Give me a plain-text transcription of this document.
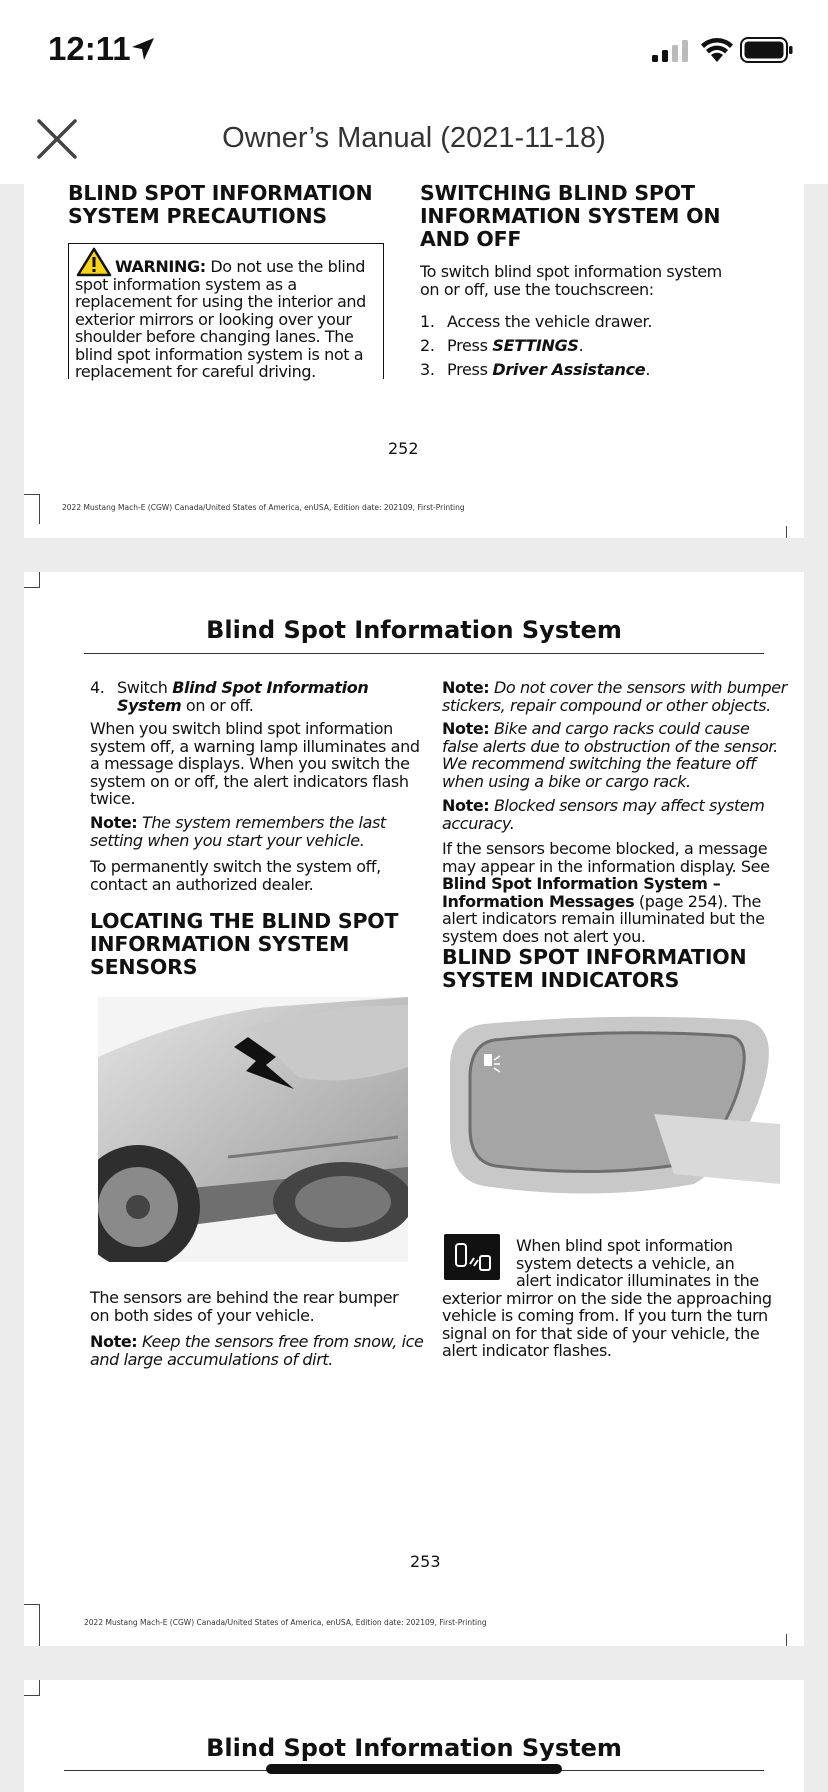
12:11
Owner’s Manual (2021-11-18)
BLIND SPOT INFORMATION
SYSTEM PRECAUTIONS
WARNING: Do not use the blind
spot information system as a
replacement for using the interior and
exterior mirrors or looking over your
shoulder before changing lanes. The
blind spot information system is not a
replacement for careful driving.
SWITCHING BLIND SPOT
INFORMATION SYSTEM ON
AND OFF
To switch blind spot information system
on or off, use the touchscreen:
1. Access the vehicle drawer.
2. Press SETTINGS.
3. Press Driver Assistance.
252
2022 Mustang Mach-E (CGW) Canada/United States of America, enUSA, Edition date: 202109, First-Printing
Blind Spot Information System
4. Switch Blind Spot Information
System on or off.
When you switch blind spot information
system off, a warning lamp illuminates and
a message displays. When you switch the
system on or off, the alert indicators flash
twice.
Note: The system remembers the last
setting when you start your vehicle.
To permanently switch the system off,
contact an authorized dealer.
LOCATING THE BLIND SPOT
INFORMATION SYSTEM
SENSORS
The sensors are behind the rear bumper
on both sides of your vehicle.
Note: Keep the sensors free from snow, ice
and large accumulations of dirt.
Note: Do not cover the sensors with bumper
stickers, repair compound or other objects.
Note: Bike and cargo racks could cause
false alerts due to obstruction of the sensor.
We recommend switching the feature off
when using a bike or cargo rack.
Note: Blocked sensors may affect system
accuracy.
If the sensors become blocked, a message
may appear in the information display. See
Blind Spot Information System –
Information Messages (page 254). The
alert indicators remain illuminated but the
system does not alert you.
BLIND SPOT INFORMATION
SYSTEM INDICATORS
When blind spot information
system detects a vehicle, an
alert indicator illuminates in the
exterior mirror on the side the approaching
vehicle is coming from. If you turn the turn
signal on for that side of your vehicle, the
alert indicator flashes.
253
2022 Mustang Mach-E (CGW) Canada/United States of America, enUSA, Edition date: 202109, First-Printing
Blind Spot Information System
